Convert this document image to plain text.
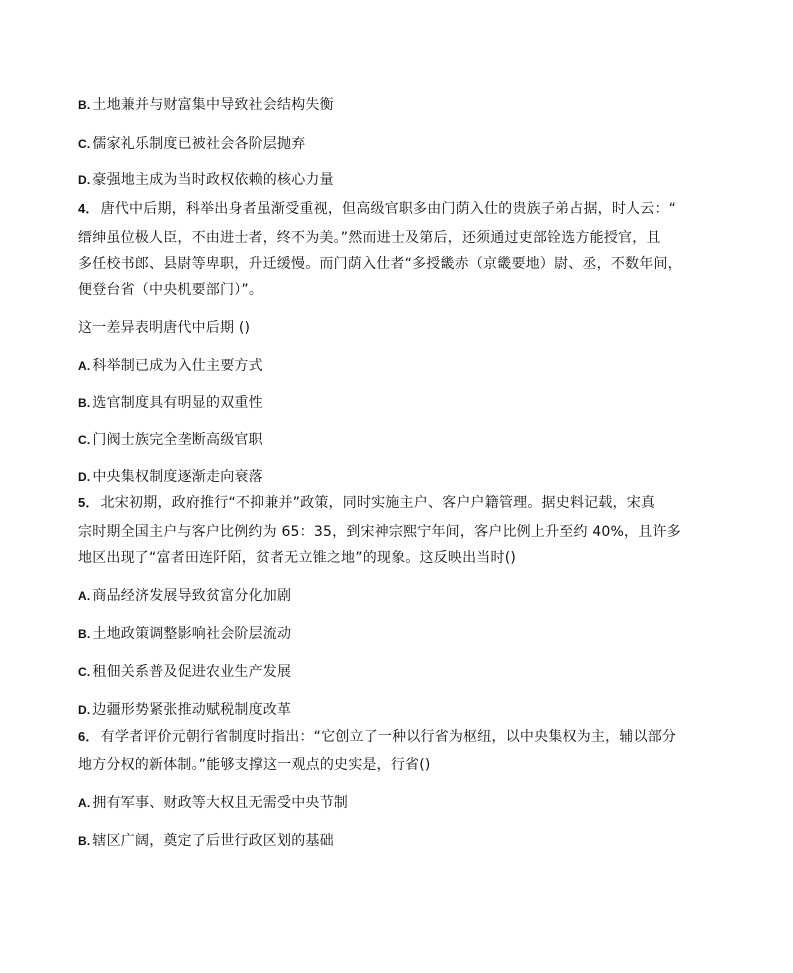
B. 土地兼并与财富集中导致社会结构失衡
C. 儒家礼乐制度已被社会各阶层抛弃
D. 豪强地主成为当时政权依赖的核心力量
4． 唐代中后期，科举出身者虽渐受重视，但高级官职多由门荫入仕的贵族子弟占据，时人云：“
缙绅虽位极人臣，不由进士者，终不为美。”然而进士及第后，还须通过吏部铨选方能授官，且
多任校书郎、县尉等卑职，升迁缓慢。而门荫入仕者“多授畿赤（京畿要地）尉、丞，不数年间，
便登台省（中央机要部门）”。
这一差异表明唐代中后期 ()
A. 科举制已成为入仕主要方式
B. 选官制度具有明显的双重性
C. 门阀士族完全垄断高级官职
D. 中央集权制度逐渐走向衰落
5． 北宋初期，政府推行“不抑兼并”政策，同时实施主户、客户户籍管理。据史料记载，宋真
宗时期全国主户与客户比例约为 65：35，到宋神宗熙宁年间，客户比例上升至约 40%，且许多
地区出现了“富者田连阡陌，贫者无立锥之地”的现象。这反映出当时()
A. 商品经济发展导致贫富分化加剧
B. 土地政策调整影响社会阶层流动
C. 租佃关系普及促进农业生产发展
D. 边疆形势紧张推动赋税制度改革
6． 有学者评价元朝行省制度时指出：“它创立了一种以行省为枢纽，以中央集权为主，辅以部分
地方分权的新体制。”能够支撑这一观点的史实是，行省()
A. 拥有军事、财政等大权且无需受中央节制
B. 辖区广阔，奠定了后世行政区划的基础
